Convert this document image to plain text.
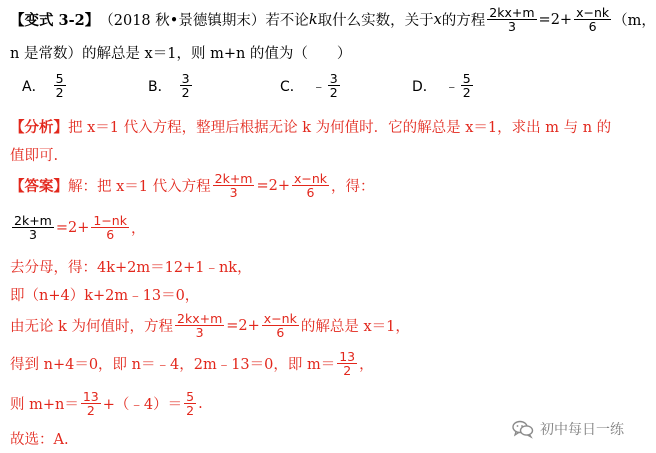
【 变式 3-2 】 （2018 秋•景德镇期末） 若不论 k 取什么实数，关于 x 的方程 $\frac{2kx+m}{3} =2+ \frac{x-nk}{6} (m$，
n 是常数）的解总是 x＝1，则 m+n 的值为（　　）
A． $\frac{5}{2}$	B． $\frac{3}{2}$	C． ﹣ $\frac{3}{2}$	D． ﹣ $\frac{5}{2}$
【分析】 把 x＝1 代入方程，整理后根据无论 k 为何值时．它的解总是 x＝1，求出 m 与 n 的
值即可.
【答案】 解：把 x＝1 代入方程 $\frac{2k+m}{3} =2+ \frac{x-nk}{6}$ ，得：
$\frac{2k+m}{3} =2+ \frac{1-nk}{6}$ ，
去分母，得：4k+2m＝12+1﹣nk，
即（n+4）k+2m﹣13＝0，
由无论 k 为何值时，方程 $\frac{2kx+m}{3} =2+ \frac{x-nk}{6}$ 的解总是 x＝1，
得到 n+4＝0，即 n＝﹣4，2m﹣13＝0，即 $m= \frac{13}{2}$ ，
则 $m+n= \frac{13}{2}$ +（﹣4）＝ $\frac{5}{2}$ .
故选：A.
初中每日一练
